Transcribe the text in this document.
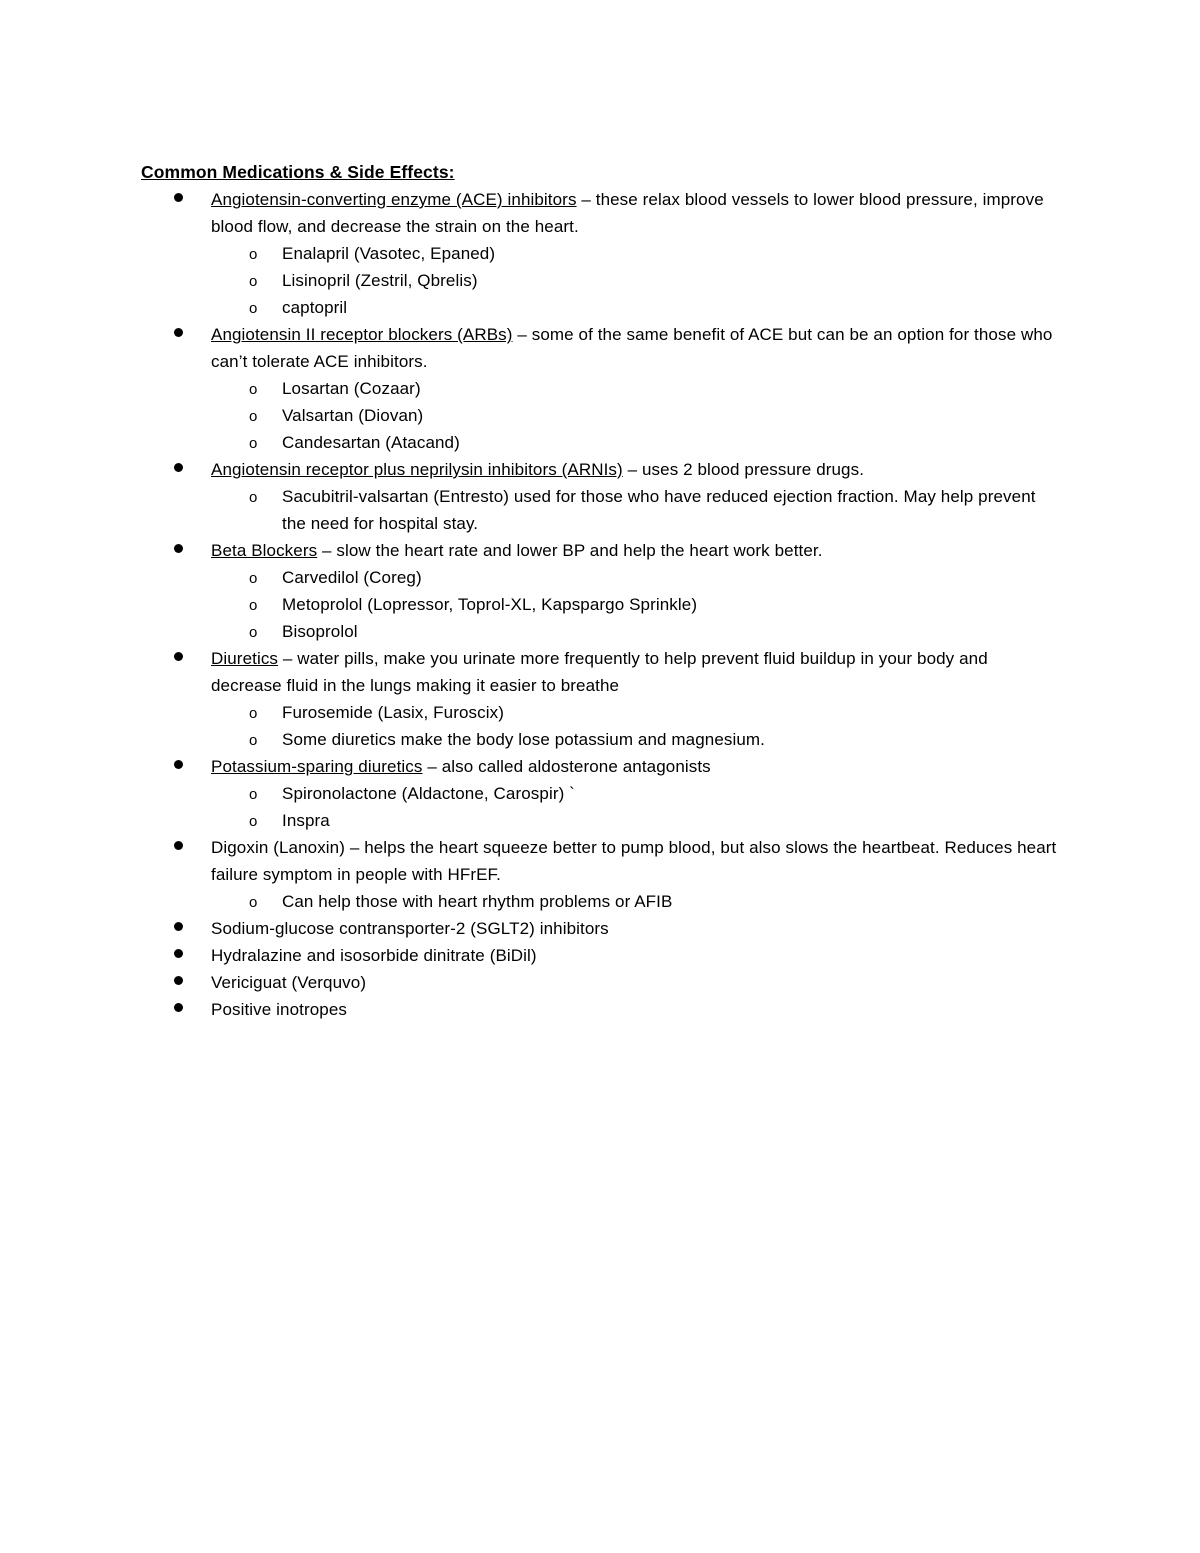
Common Medications & Side Effects:
Angiotensin-converting enzyme (ACE) inhibitors – these relax blood vessels to lower blood pressure, improve blood flow, and decrease the strain on the heart.
o Enalapril (Vasotec, Epaned)
o Lisinopril (Zestril, Qbrelis)
o captopril
Angiotensin II receptor blockers (ARBs) – some of the same benefit of ACE but can be an option for those who can’t tolerate ACE inhibitors.
o Losartan (Cozaar)
o Valsartan (Diovan)
o Candesartan (Atacand)
Angiotensin receptor plus neprilysin inhibitors (ARNIs) – uses 2 blood pressure drugs.
o Sacubitril-valsartan (Entresto) used for those who have reduced ejection fraction. May help prevent the need for hospital stay.
Beta Blockers – slow the heart rate and lower BP and help the heart work better.
o Carvedilol (Coreg)
o Metoprolol (Lopressor, Toprol-XL, Kapspargo Sprinkle)
o Bisoprolol
Diuretics – water pills, make you urinate more frequently to help prevent fluid buildup in your body and decrease fluid in the lungs making it easier to breathe
o Furosemide (Lasix, Furoscix)
o Some diuretics make the body lose potassium and magnesium.
Potassium-sparing diuretics – also called aldosterone antagonists
o Spironolactone (Aldactone, Carospir) `
o Inspra
Digoxin (Lanoxin) – helps the heart squeeze better to pump blood, but also slows the heartbeat. Reduces heart failure symptom in people with HFrEF.
o Can help those with heart rhythm problems or AFIB
Sodium-glucose contransporter-2 (SGLT2) inhibitors
Hydralazine and isosorbide dinitrate (BiDil)
Vericiguat (Verquvo)
Positive inotropes
